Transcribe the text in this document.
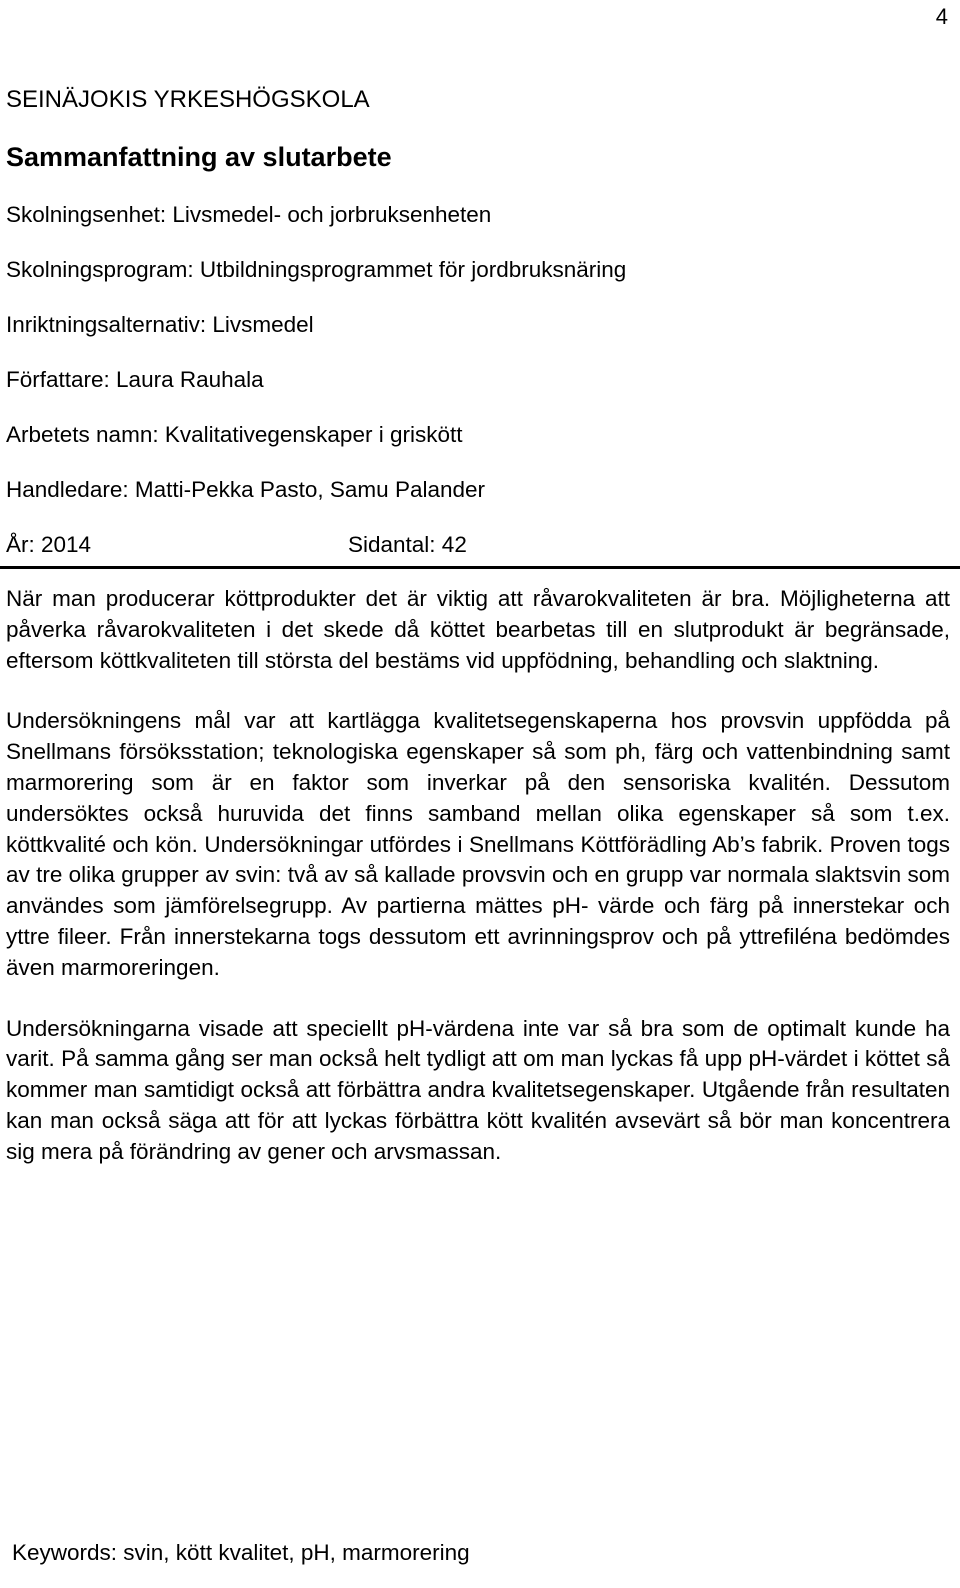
4
SEINÄJOKIS YRKESHÖGSKOLA
Sammanfattning av slutarbete
Skolningsenhet: Livsmedel- och jorbruksenheten
Skolningsprogram: Utbildningsprogrammet för jordbruksnäring
Inriktningsalternativ: Livsmedel
Författare: Laura Rauhala
Arbetets namn: Kvalitativegenskaper i griskött
Handledare: Matti-Pekka Pasto, Samu Palander
År: 2014	Sidantal: 42

När man producerar köttprodukter det är viktig att råvarokvaliteten är bra. Möjligheterna att påverka råvarokvaliteten i det skede då köttet bearbetas till en slutprodukt är begränsade, eftersom köttkvaliteten till största del bestäms vid uppfödning, behandling och slaktning.

Undersökningens mål var att kartlägga kvalitetsegenskaperna hos provsvin uppfödda på Snellmans försöksstation; teknologiska egenskaper så som ph, färg och vattenbindning samt marmorering som är en faktor som inverkar på den sensoriska kvalitén. Dessutom undersöktes också huruvida det finns samband mellan olika egenskaper så som t.ex. köttkvalité och kön. Undersökningar utfördes i Snellmans Köttförädling Ab’s fabrik. Proven togs av tre olika grupper av svin: två av så kallade provsvin och en grupp var normala slaktsvin som användes som jämförelsegrupp. Av partierna mättes pH- värde och färg på innerstekar och yttre fileer. Från innerstekarna togs dessutom ett avrinningsprov och på yttrefiléna bedömdes även marmoreringen.

Undersökningarna visade att speciellt pH-värdena inte var så bra som de optimalt kunde ha varit. På samma gång ser man också helt tydligt att om man lyckas få upp pH-värdet i köttet så kommer man samtidigt också att förbättra andra kvalitetsegenskaper. Utgående från resultaten kan man också säga att för att lyckas förbättra kött kvalitén avsevärt så bör man koncentrera sig mera på förändring av gener och arvsmassan.

Keywords: svin, kött kvalitet, pH, marmorering
